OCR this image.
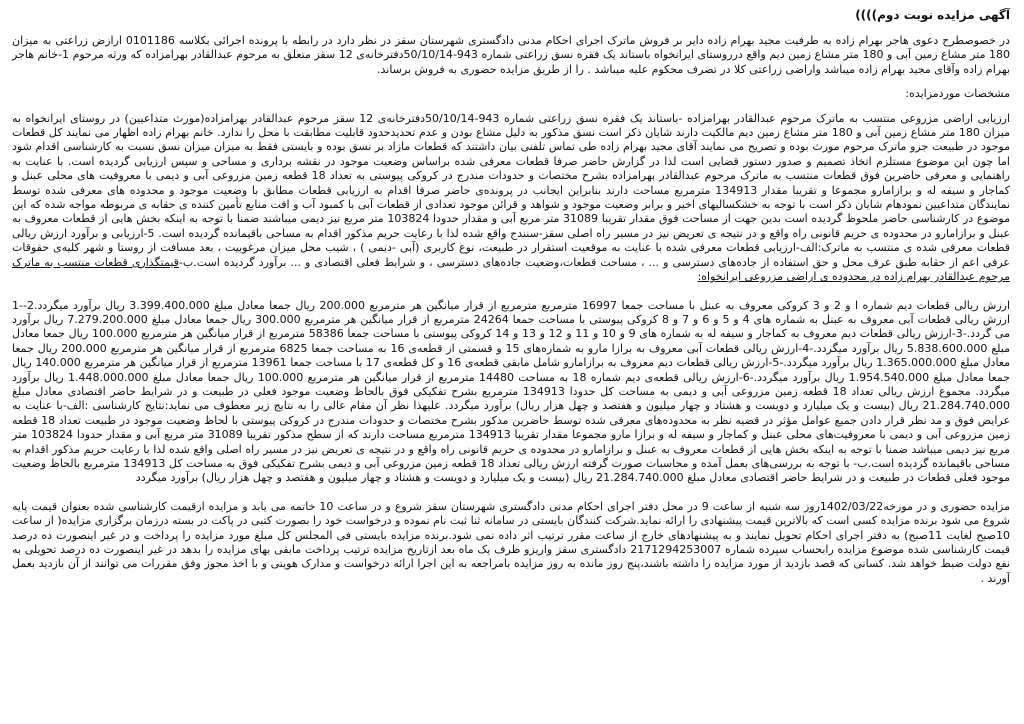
آگهی مزایده نوبت دوم))))

در خصوصطرح دعوی هاجر بهرام زاده به طرفیت مجید بهرام زاده دایر بر فروش ماترک اجرای احکام مدنی دادگستری شهرستان سقز در نظر دارد در رابطه با پرونده اجرائی بکلاسه 0101186 ارازض زراعتی به میزان 180 متر مشاع زمین آبی و 180 متر مشاع زمین دیم واقع درروستای ایرانخواه باستاند یک فقره نسق زراعتی شماره 943-50/10/14دفترخانه‌ی 12 سقز متعلق به مرحوم عبدالقادر بهرامزاده که ورثه مرحوم 1-خانم هاجر بهرام زاده وآقای مجید بهرام زاده میباشد واراضی زراعتی کلا در تصرف محکوم علیه میباشد . را از طریق مزایده حضوری به فروش برساند.

مشخصات موردمزایده:

ارزیابی اراضی مزروعی منتسب به ماترک مرحوم عبدالقادر بهرامزاده -باستاند یک فقره نسق زراعتی شماره 943-50/10/14دفترخانه‌ی 12 سقز مرحوم عبدالقادر بهرامزاده(مورث متداعیین) در روستای ایرانخواه به میزان 180 متر مشاع زمین آبی و 180 متر مشاع زمین دیم مالکیت دارند شایان ذکر است نسق مذکور به دلیل مشاع بودن و عدم تحدیدحدود قابلیت مطابقت با محل را ندارد. خانم بهرام زاده اظهار می نمایند کل قطعات موجود در طبیعت جزو ماترک مرحوم مورث بوده و تصریح می نمایند آقای مجید بهرام زاده طی تماس تلفنی بیان داشتند که قطعات مازاد بر نسق بوده و بایستی فقط به میزان میزان نسق نسبت به کارشناسی اقدام شود اما چون این موضوع مستلزم اتخاذ تصمیم و صدور دستور قضایی است لذا در گزارش حاضر صرفا قطعات معرفی شده براساس وضعیت موجود در نقشه برداری و مساحی و سپس ارزیابی گردیده است. با عنایت به راهنمایی و معرفی حاضرین فوق قطعات منتسب به ماترک مرحوم عبدالقادر بهرامزاده بشرح مختصات و حدودات مندرج در کروکی پیوستی به تعداد 18 قطعه زمین مزروعی آبی و دیمی با معروفیت های محلی عبنل و کماجار و سیفه له و برازامارو مجموعا و تقریبا مقدار 134913 مترمربع مساحت دارند بنابراین ایجانب در پرونده‌ی حاضر صرفا اقدام به ارزیابی قطعات مطابق با وضعیت موجود و محدوده های معرفی شده توسط نمایندگان متداعیین نمودهام شایان ذکر است با توجه به خشکسالیهای اخیر و برابر وضعیت موجود و شواهد و قرائن موجود تعدادی از قطعات آبی با کمبود آب و افت منابع تأمین کننده ی حقابه ی مربوطه مواجه شده که این موضوع در کارشناسی حاضر ملحوظ گردیده است بدین جهت از مساحت فوق مقدار تقریبا 31089 متر مربع آبی و مقدار حدودا 103824 متر مربع نیز دیمی میباشند ضمنا با توجه به اینکه بخش هایی از قطعات معروف به عبنل و برازامارو در محدوده ی حریم قانونی راه واقع و در نتیجه ی تعریض نیز در مسیر راه اصلی سقز-سنندج واقع شده لذا با رعایت حریم مذکور اقدام به مساحی باقیمانده گردیده است. 5-ارزیابی و برآورد ارزش ریالی قطعات معرفی شده ی منتسب به ماترک:الف-ارزیابی قطعات معرفی شده با عنایت به موقعیت استقرار در طبیعت، نوع کاربری (آبی -دیمی ) ، شیب محل میزان مرغوبیت ، بعد مسافت از روستا و شهر کلیه‌ی حقوقات عرفی اعم از حقابه طبق عرف محل و حق استفاده از جاده‌های دسترسی و ... ، مساحت قطعات،وضعیت جاده‌های دسترسی ، و شرایط فعلی اقتصادی و ... برآورد گردیده است.ب-قیمتگذاری قطعات منتسب به ماترک مرحوم عبدالقادر بهرام زاده در محدوده ی اراضی مزروعی ایرانخواه:

ارزش ریالی قطعات دیم شماره ا و 2 و 3 کروکی معروف به عبنل با مساحت جمعا 16997 مترمربع مترمربع از قرار میانگین هر مترمربع 200.000 ریال جمعا معادل مبلغ 3.399.400.000 ریال برآورد میگردد.2--1 ارزش ریالی قطعات آبی معروف به عبنل به شماره های 4 و 5 و 6 و 7 و 8 کروکی پیوستی با مساحت جمعا 24264 مترمربع از قرار میانگین هر مترمربع 300.000 ریال جمعا معادل مبلغ 7.279.200.000 ریال برآورد می گردد.-3-ارزش ریالی قطعات دیم معروف به کماجار و سیفه له به شماره های 9 و 10 و 11 و 12 و 13 و 14 کروکی پیوستی با مساحت جمعا 58386 مترمربع از قرار میانگین هر مترمربع 100.000 ریال جمعا معادل مبلغ 5.838.600.000 ریال برآورد میگردد.-4-ارزش ریالی قطعات آبی معروف به برازا مارو به شماره‌های 15 و قسمتی از قطعه‌ی 16 به مساحت جمعا 6825 مترمربع از قرار میانگین هر مترمربع 200.000 ریال جمعا معادل مبلغ 1.365.000.000 ریال برآورد میگردد.-5-ارزش ریالی قطعات دیم معروف به برازامارو شامل مابقی قطعه‌ی 16 و کل قطعه‌ی 17 با مساحت جمعا 13961 مترمربع از قرار میانگین هر مترمربع 140.000 ریال جمعا معادل مبلغ 1.954.540.000 ریال برآورد میگردد.-6-ارزش ریالی قطعه‌ی دیم شماره 18 به مساحت 14480 مترمربع از قرار میانگین هر مترمربع 100.000 ریال جمعا معادل مبلغ 1.448.000.000 ریال برآورد میگردد. مجموع ارزش ریالی تعداد 18 قطعه زمین مزروعی آبی و دیمی به مساحت کل حدودا 134913 مترمربع بشرح تفکیکی فوق بالحاظ وضعیت موجود فعلی در طبیعت و در شرایط حاضر اقتصادی معادل مبلغ 21.284.740.000 ریال (بیست و یک میلیارد و دویست و هشتاد و چهار میلیون و هفتصد و چهل هزار ریال) برآورد میگردد. علیهذا نظر آن مقام عالی را به نتایج زیر معطوف می نماید:نتایج کارشناسی :الف-با عنایت به عرایض فوق و مد نظر قرار دادن جمیع عوامل مؤثر در قضیه نظر به محدوده‌های معرفی شده توسط حاضرین مذکور بشرح مختصات و حدودات مندرج در کروکی پیوستی با لحاظ وضعیت موجود در طبیعت تعداد 18 قطعه زمین مزروعی آبی و دیمی با معروفیت‌های محلی عبنل و کماجار و سیفه له و برازا مارو مجموعا مقدار تقریبا 134913 مترمربع مساحت دارند که از سطح مذکور تقریبا 31089 متر مربع آبی و مقدار حدودا 103824 متر مربع نیز دیمی میباشد ضمنا با توجه به اینکه بخش هایی از قطعات معروف به عبنل و برازامارو در محدوده ی حریم قانونی راه واقع و در نتیجه ی تعریض نیز در مسیر راه اصلی واقع شده لذا با رعایت حریم مذکور اقدام به مساحی باقیمانده گردیده است.ب- با توجه به بررسی‌های بعمل آمده و محاسبات صورت گرفته ارزش ریالی تعداد 18 قطعه زمین مزروعی آبی و دیمی بشرح تفکیکی فوق به مساحت کل 134913 مترمربع بالحاظ وضعیت موجود فعلی قطعات در طبیعت و در شرایط حاضر اقتصادی معادل مبلغ 21.284.740.000 ریال (بیست و یک میلیارد و دویست و هشتاد و چهار میلیون و هفتصد و چهل هزار ریال) برآورد میگردد

مزایده حضوری و در مورخه1402/03/22روز سه شنبه از ساعت 9 در محل دفتر اجرای احکام مدنی دادگستری شهرستان سقز شروع و در ساعت 10 خاتمه می یابد و مزایده ازقیمت کارشناسی شده بعنوان قیمت پایه شروع می شود برنده مزایده کسی است که بالاترین قیمت پیشنهادی را ارائه نماید.شرکت کنندگان بایستی در سامانه ثنا ثبت نام نموده و درخواست خود را بصورت کتبی در پاکت در بسته درزمان برگزاری مزایده( از ساعت 10صبح لغایت 11صبح) به دفتر اجرای احکام تحویل نمایند و به پیشنهادهای خارج از ساعت مقرر ترتیب اثر داده نمی شود.برنده مزایده بایستی فی المجلس کل مبلغ مورد مزایده را پرداخت و در غیر اینصورت ده درصد قیمت کارشناسی شده موضوع مزایده رابحساب سپرده شماره 2171294253007 دادگستری سقز واریزو ظرف یک ماه بعد ازتاریخ مزایده ترتیب پرداخت مابقی بهای مزایده را بدهد در غیر اینصورت ده درصد تحویلی به نفع دولت ضبط خواهد شد. کسانی که قصد بازدید از مورد مزایده را داشته باشند،پنج روز مانده به روز مزایده بامراجعه به این اجرا ارائه درخواست و مدارک هویتی و با اخذ مجوز وفق مقررات می توانند از آن بازدید بعمل آورند .
